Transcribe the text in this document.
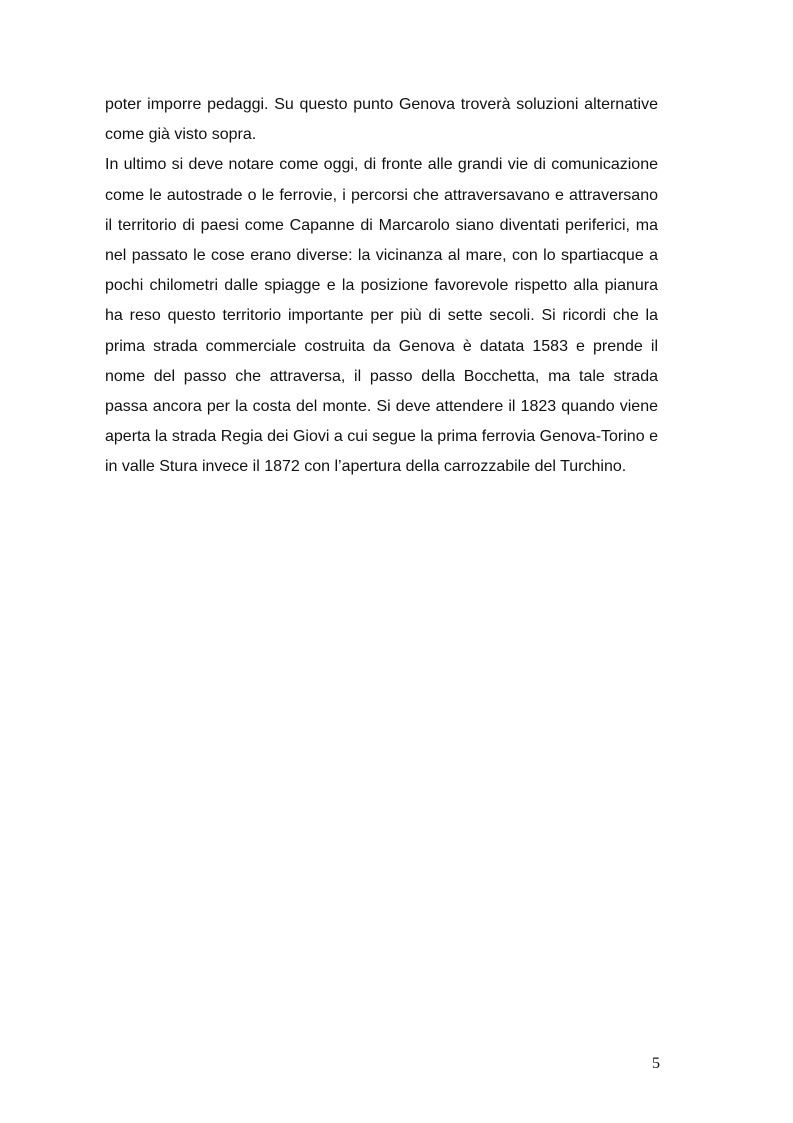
poter imporre pedaggi. Su questo punto Genova troverà soluzioni alternative come già visto sopra.

In ultimo si deve notare come oggi, di fronte alle grandi vie di comunicazione come le autostrade o le ferrovie, i percorsi che attraversavano e attraversano il territorio di paesi come Capanne di Marcarolo siano diventati periferici, ma nel passato le cose erano diverse: la vicinanza al mare, con lo spartiacque a pochi chilometri dalle spiagge e la posizione favorevole rispetto alla pianura ha reso questo territorio importante per più di sette secoli. Si ricordi che la prima strada commerciale costruita da Genova è datata 1583 e prende il nome del passo che attraversa, il passo della Bocchetta, ma tale strada passa ancora per la costa del monte. Si deve attendere il 1823 quando viene aperta la strada Regia dei Giovi a cui segue la prima ferrovia Genova-Torino e in valle Stura invece il 1872 con l’apertura della carrozzabile del Turchino.

5
